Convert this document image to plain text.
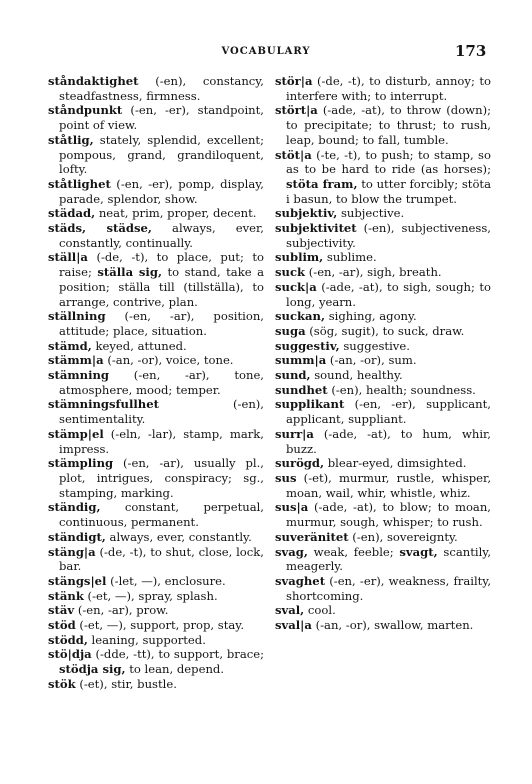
VOCABULARY	173
ståndaktighet (-en), constancy, steadfastness, firmness.
ståndpunkt (-en, -er), standpoint, point of view.
ståtlig, stately, splendid, excellent; pompous, grand, grandiloquent, lofty.
ståtlighet (-en, -er), pomp, display, parade, splendor, show.
städad, neat, prim, proper, decent.
städs, städse, always, ever, constantly, continually.
ställ|a (-de, -t), to place, put; to raise; ställa sig, to stand, take a position; ställa till (tillställa), to arrange, contrive, plan.
ställning (-en, -ar), position, attitude; place, situation.
stämd, keyed, attuned.
stämm|a (-an, -or), voice, tone.
stämning (-en, -ar), tone, atmosphere, mood; temper.
stämningsfullhet (-en), sentimentality.
stämp|el (-eln, -lar), stamp, mark, impress.
stämpling (-en, -ar), usually pl., plot, intrigues, conspiracy; sg., stamping, marking.
ständig, constant, perpetual, continuous, permanent.
ständigt, always, ever, constantly.
stäng|a (-de, -t), to shut, close, lock, bar.
stängs|el (-let, —), enclosure.
stänk (-et, —), spray, splash.
stäv (-en, -ar), prow.
stöd (-et, —), support, prop, stay.
stödd, leaning, supported.
stö|dja (-dde, -tt), to support, brace; stödja sig, to lean, depend.
stök (-et), stir, bustle.
stör|a (-de, -t), to disturb, annoy; to interfere with; to interrupt.
stört|a (-ade, -at), to throw (down); to precipitate; to thrust; to rush, leap, bound; to fall, tumble.
stöt|a (-te, -t), to push; to stamp, so as to be hard to ride (as horses); stöta fram, to utter forcibly; stöta i basun, to blow the trumpet.
subjektiv, subjective.
subjektivitet (-en), subjectiveness, subjectivity.
sublim, sublime.
suck (-en, -ar), sigh, breath.
suck|a (-ade, -at), to sigh, sough; to long, yearn.
suckan, sighing, agony.
suga (sög, sugit), to suck, draw.
suggestiv, suggestive.
summ|a (-an, -or), sum.
sund, sound, healthy.
sundhet (-en), health; soundness.
supplikant (-en, -er), supplicant, applicant, suppliant.
surr|a (-ade, -at), to hum, whir, buzz.
surögd, blear-eyed, dimsighted.
sus (-et), murmur, rustle, whisper, moan, wail, whir, whistle, whiz.
sus|a (-ade, -at), to blow; to moan, murmur, sough, whisper; to rush.
suveränitet (-en), sovereignty.
svag, weak, feeble; svagt, scantily, meagerly.
svaghet (-en, -er), weakness, frailty, shortcoming.
sval, cool.
sval|a (-an, -or), swallow, marten.
